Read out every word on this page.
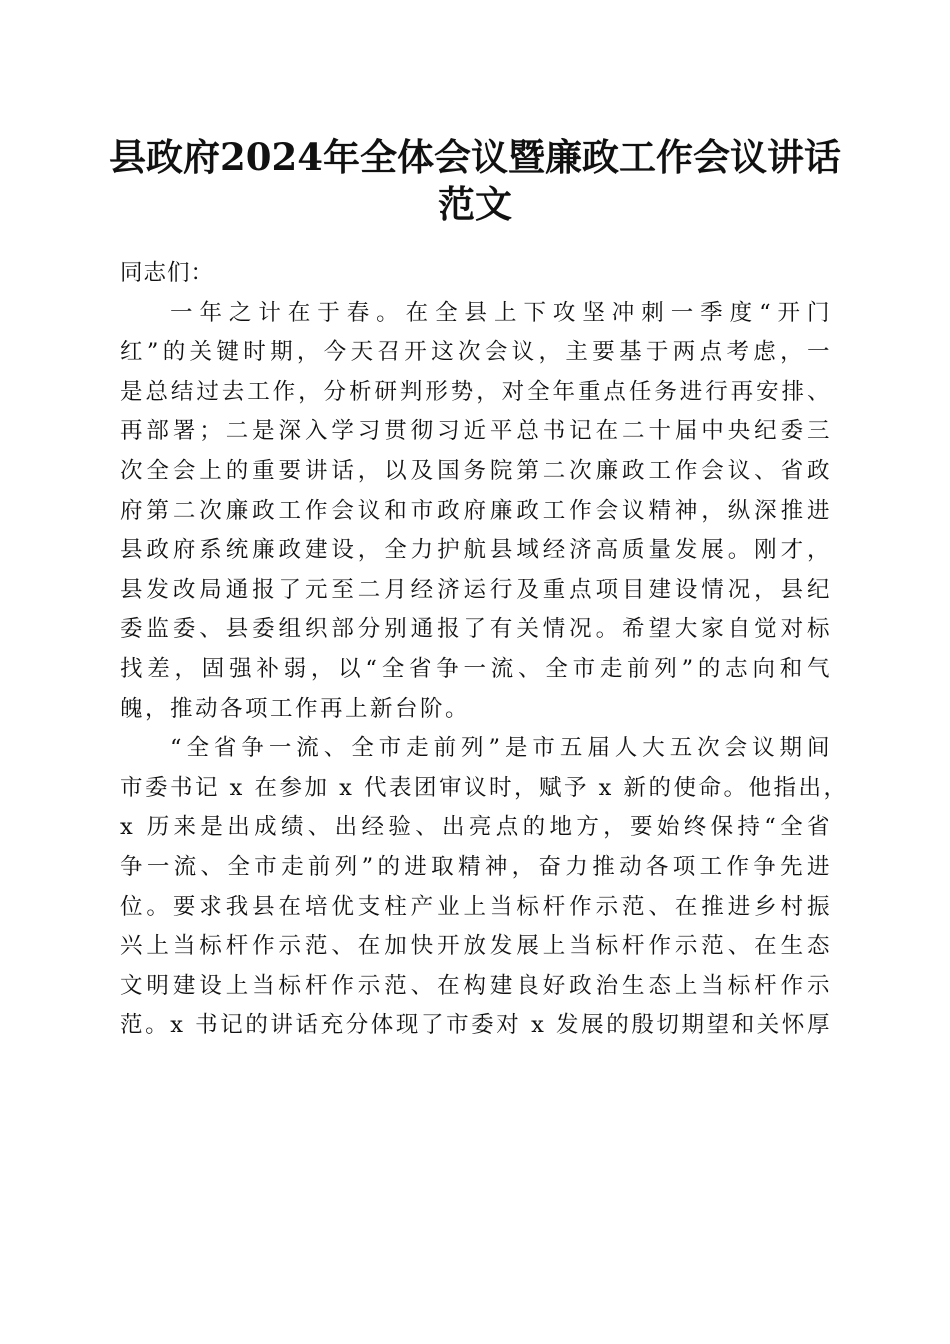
县政府2024年全体会议暨廉政工作会议讲话
范文

同志们：

一年之计在于春。在全县上下攻坚冲刺一季度“开门
红”的关键时期，今天召开这次会议，主要基于两点考虑，一
是总结过去工作，分析研判形势，对全年重点任务进行再安排、
再部署；二是深入学习贯彻习近平总书记在二十届中央纪委三
次全会上的重要讲话，以及国务院第二次廉政工作会议、省政
府第二次廉政工作会议和市政府廉政工作会议精神，纵深推进
县政府系统廉政建设，全力护航县域经济高质量发展。刚才，
县发改局通报了元至二月经济运行及重点项目建设情况，县纪
委监委、县委组织部分别通报了有关情况。希望大家自觉对标
找差，固强补弱，以“全省争一流、全市走前列”的志向和气
魄，推动各项工作再上新台阶。

“全省争一流、全市走前列”是市五届人大五次会议期间
市委书记 x 在参加 x 代表团审议时，赋予 x 新的使命。他指出，
x 历来是出成绩、出经验、出亮点的地方，要始终保持“全省
争一流、全市走前列”的进取精神，奋力推动各项工作争先进
位。要求我县在培优支柱产业上当标杆作示范、在推进乡村振
兴上当标杆作示范、在加快开放发展上当标杆作示范、在生态
文明建设上当标杆作示范、在构建良好政治生态上当标杆作示
范。x 书记的讲话充分体现了市委对 x 发展的殷切期望和关怀厚
